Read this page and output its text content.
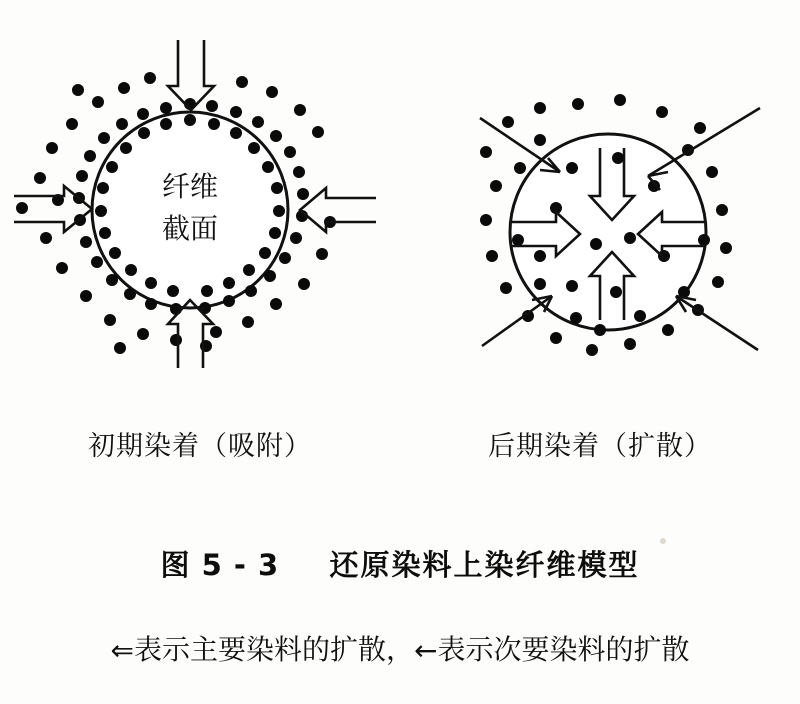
纤维
截面
初期染着（吸附）	后期染着（扩散）
图 5 - 3 还原染料上染纤维模型
⇐表示主要染料的扩散，←表示次要染料的扩散
